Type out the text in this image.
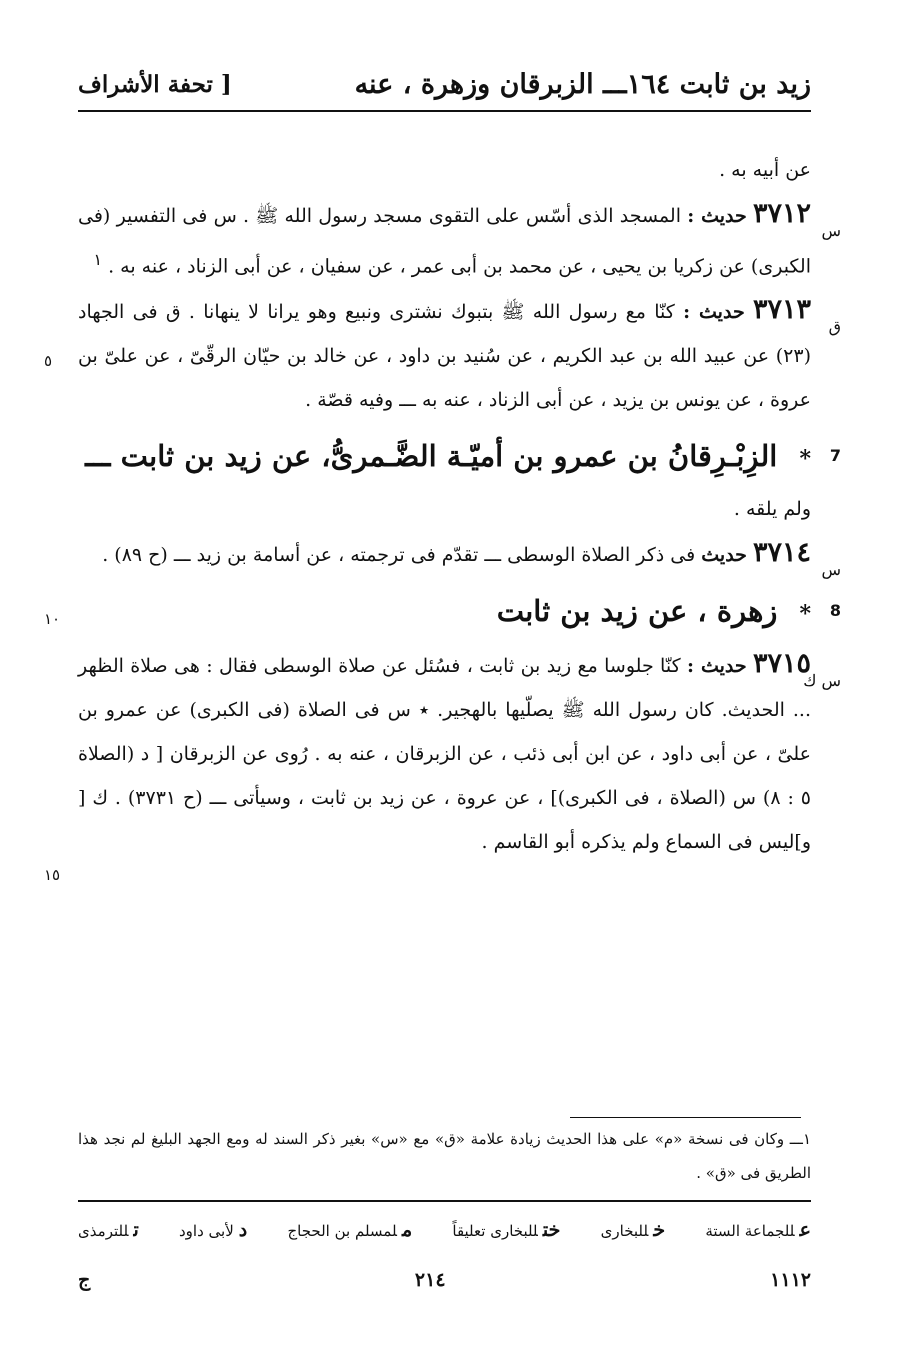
زيد بن ثابت ١٦٤ـــ الزبرقان وزهرة ، عنه
[ تحفة الأشراف
عن أبيه به .
س
٣٧١٢ حديث : المسجد الذى أسّس على التقوى مسجد رسول الله ﷺ . س فى التفسير (فى الكبرى) عن زكريا بن يحيى ، عن محمد بن أبى عمر ، عن سفيان ، عن أبى الزناد ، عنه به . $^١$
ق
٣٧١٣ حديث : كنّا مع رسول الله ﷺ بتبوك نشترى ونبيع وهو يرانا لا ينهانا . ق فى الجهاد (٢٣) عن عبيد الله بن عبد الكريم ، عن سُنيد بن داود ، عن خالد بن حيّان الرقّىّ ، عن علىّ بن عروة ، عن يونس بن يزيد ، عن أبى الزناد ، عنه به ـــ وفيه قصّة .
7
* الزِبْـرِقانُ بن عمرو بن أميّـة الضَّـمرىُّ، عن زيد بن ثابت ـــ
ولم يلقه .
س
٣٧١٤ حديث فى ذكر الصلاة الوسطى ـــ تقدّم فى ترجمته ، عن أسامة بن زيد ـــ (ح ٨٩) .
8
* زهرة ، عن زيد بن ثابت
س ك
٣٧١٥ حديث : كنّا جلوسا مع زيد بن ثابت ، فسُئل عن صلاة الوسطى فقال : هى صلاة الظهر ... الحديث. كان رسول الله ﷺ يصلّيها بالهجير. ٭ س فى الصلاة (فى الكبرى) عن عمرو بن علىّ ، عن أبى داود ، عن ابن أبى ذئب ، عن الزبرقان ، عنه به . رُوى عن الزبرقان [ د (الصلاة ٥ : ٨) س (الصلاة ، فى الكبرى)] ، عن عروة ، عن زيد بن ثابت ، وسيأتى ـــ (ح ٣٧٣١) . ك [ و]ليس فى السماع ولم يذكره أبو القاسم .
٥
١٠
١٥
١ـــ وكان فى نسخة «م» على هذا الحديث زيادة علامة «ق» مع «س» بغير ذكر السند له ومع الجهد البليغ لم نجد هذا الطريق فى «ق» .
عللجماعة الستة
خللبخارى
ختللبخارى تعليقاً
ملمسلم بن الحجاج
دلأبى داود
تللترمذى
ج	٢١٤	١١١٢
